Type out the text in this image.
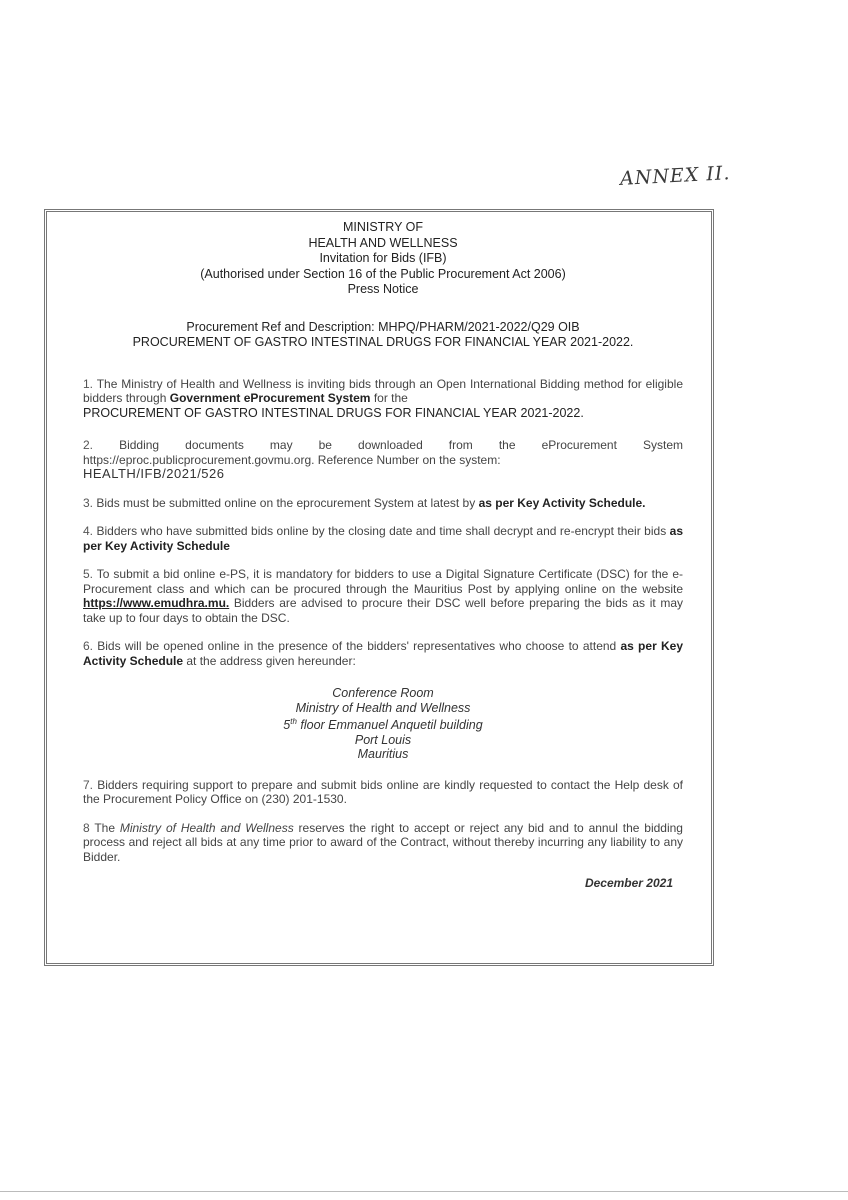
ANNEX II.
MINISTRY OF
HEALTH AND WELLNESS
Invitation for Bids (IFB)
(Authorised under Section 16 of the Public Procurement Act 2006)
Press Notice
Procurement Ref and Description: MHPQ/PHARM/2021-2022/Q29 OIB
PROCUREMENT OF GASTRO INTESTINAL DRUGS FOR FINANCIAL YEAR 2021-2022.
1. The Ministry of Health and Wellness is inviting bids through an Open International Bidding method for eligible bidders through Government eProcurement System for the
PROCUREMENT OF GASTRO INTESTINAL DRUGS FOR FINANCIAL YEAR 2021-2022.
2. Bidding documents may be downloaded from the eProcurement System https://eproc.publicprocurement.govmu.org. Reference Number on the system:
HEALTH/IFB/2021/526
3. Bids must be submitted online on the eprocurement System at latest by as per Key Activity Schedule.
4. Bidders who have submitted bids online by the closing date and time shall decrypt and re-encrypt their bids as per Key Activity Schedule
5. To submit a bid online e-PS, it is mandatory for bidders to use a Digital Signature Certificate (DSC) for the e-Procurement class and which can be procured through the Mauritius Post by applying online on the website https://www.emudhra.mu. Bidders are advised to procure their DSC well before preparing the bids as it may take up to four days to obtain the DSC.
6. Bids will be opened online in the presence of the bidders' representatives who choose to attend as per Key Activity Schedule at the address given hereunder:
Conference Room
Ministry of Health and Wellness
5th floor Emmanuel Anquetil building
Port Louis
Mauritius
7. Bidders requiring support to prepare and submit bids online are kindly requested to contact the Help desk of the Procurement Policy Office on (230) 201-1530.
8 The Ministry of Health and Wellness reserves the right to accept or reject any bid and to annul the bidding process and reject all bids at any time prior to award of the Contract, without thereby incurring any liability to any Bidder.
December 2021
